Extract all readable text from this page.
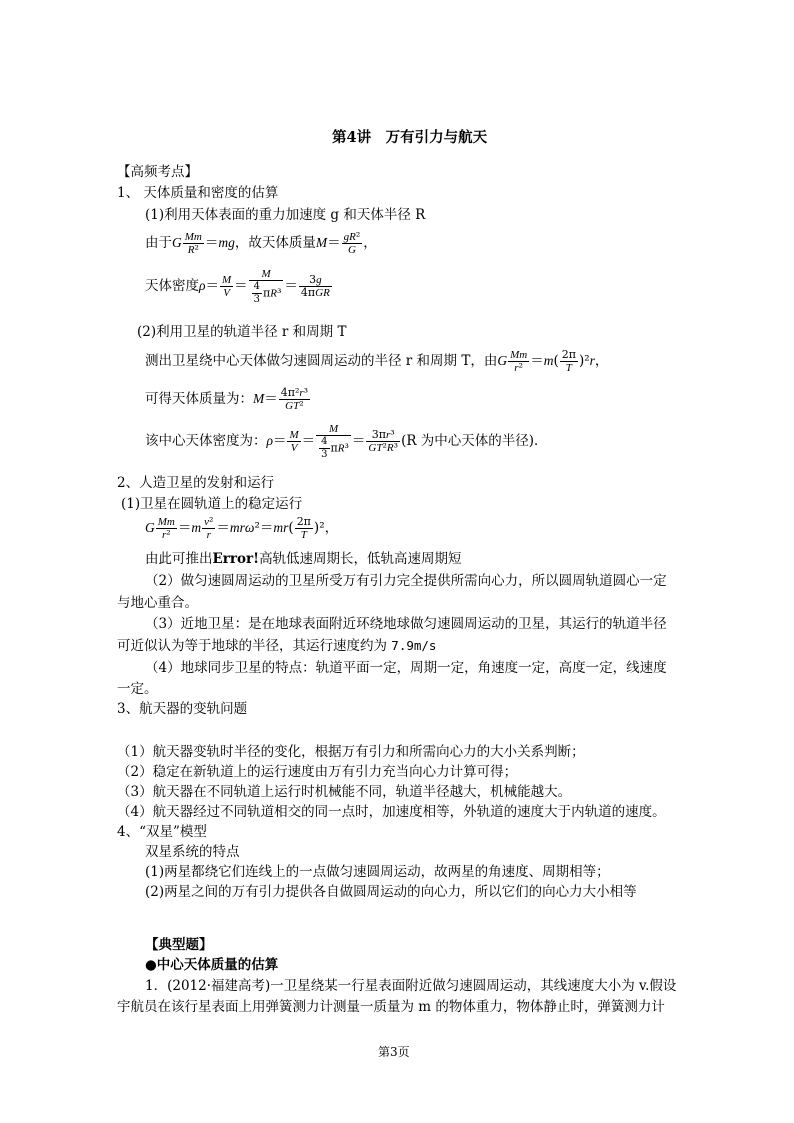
第4讲　万有引力与航天
【高频考点】
1、 天体质量和密度的估算
(1)利用天体表面的重力加速度 g 和天体半径 R
由于G $\frac{Mm}{\text{R²}} =mg$，故天体质量$M= \frac{\text{gR²}}{G}$ ，
天体密度$\rho= \frac{M}{V} = \frac{M}{\frac{4}{3} \pi R^3} = \frac{3g}{\text{4πGR}}$
(2)利用卫星的轨道半径 r 和周期 T
测出卫星绕中心天体做匀速圆周运动的半径 r 和周期 T，由G $\frac{Mm}{\text{r²}} =m( \frac{2\pi}{T} )^2r$，
可得天体质量为：$M= \frac{\text{4π²r³}}{\text{GT²}}$
该中心天体密度为：$\rho= \frac{M}{V} = \frac{M}{\frac{4}{3} \pi R^3} = \frac{\text{3πr³}}{\text{GT²R³}} (R$ 为中心天体的半径)．
2、人造卫星的发射和运行
(1)卫星在圆轨道上的稳定运行
G $\frac{Mm}{\text{r²}} =m \frac{\text{v²}}{r} =mr\omega^2=mr( \frac{2\pi}{T} )^2$，
由此可推出Error!高轨低速周期长，低轨高速周期短
（2）做匀速圆周运动的卫星所受万有引力完全提供所需向心力，所以圆周轨道圆心一定
与地心重合。
（3）近地卫星：是在地球表面附近环绕地球做匀速圆周运动的卫星，其运行的轨道半径
可近似认为等于地球的半径，其运行速度约为 7.9m/s
（4）地球同步卫星的特点：轨道平面一定，周期一定，角速度一定，高度一定，线速度
一定。
3、航天器的变轨问题
（1）航天器变轨时半径的变化，根据万有引力和所需向心力的大小关系判断；
（2）稳定在新轨道上的运行速度由万有引力充当向心力计算可得；
（3）航天器在不同轨道上运行时机械能不同，轨道半径越大，机械能越大。
（4）航天器经过不同轨道相交的同一点时，加速度相等，外轨道的速度大于内轨道的速度。
4、“双星”模型
双星系统的特点
(1)两星都绕它们连线上的一点做匀速圆周运动，故两星的角速度、周期相等；
(2)两星之间的万有引力提供各自做圆周运动的向心力，所以它们的向心力大小相等
【典型题】
●中心天体质量的估算
1．(2012·福建高考)一卫星绕某一行星表面附近做匀速圆周运动，其线速度大小为 v.假设
宇航员在该行星表面上用弹簧测力计测量一质量为 m 的物体重力，物体静止时，弹簧测力计
第3页
